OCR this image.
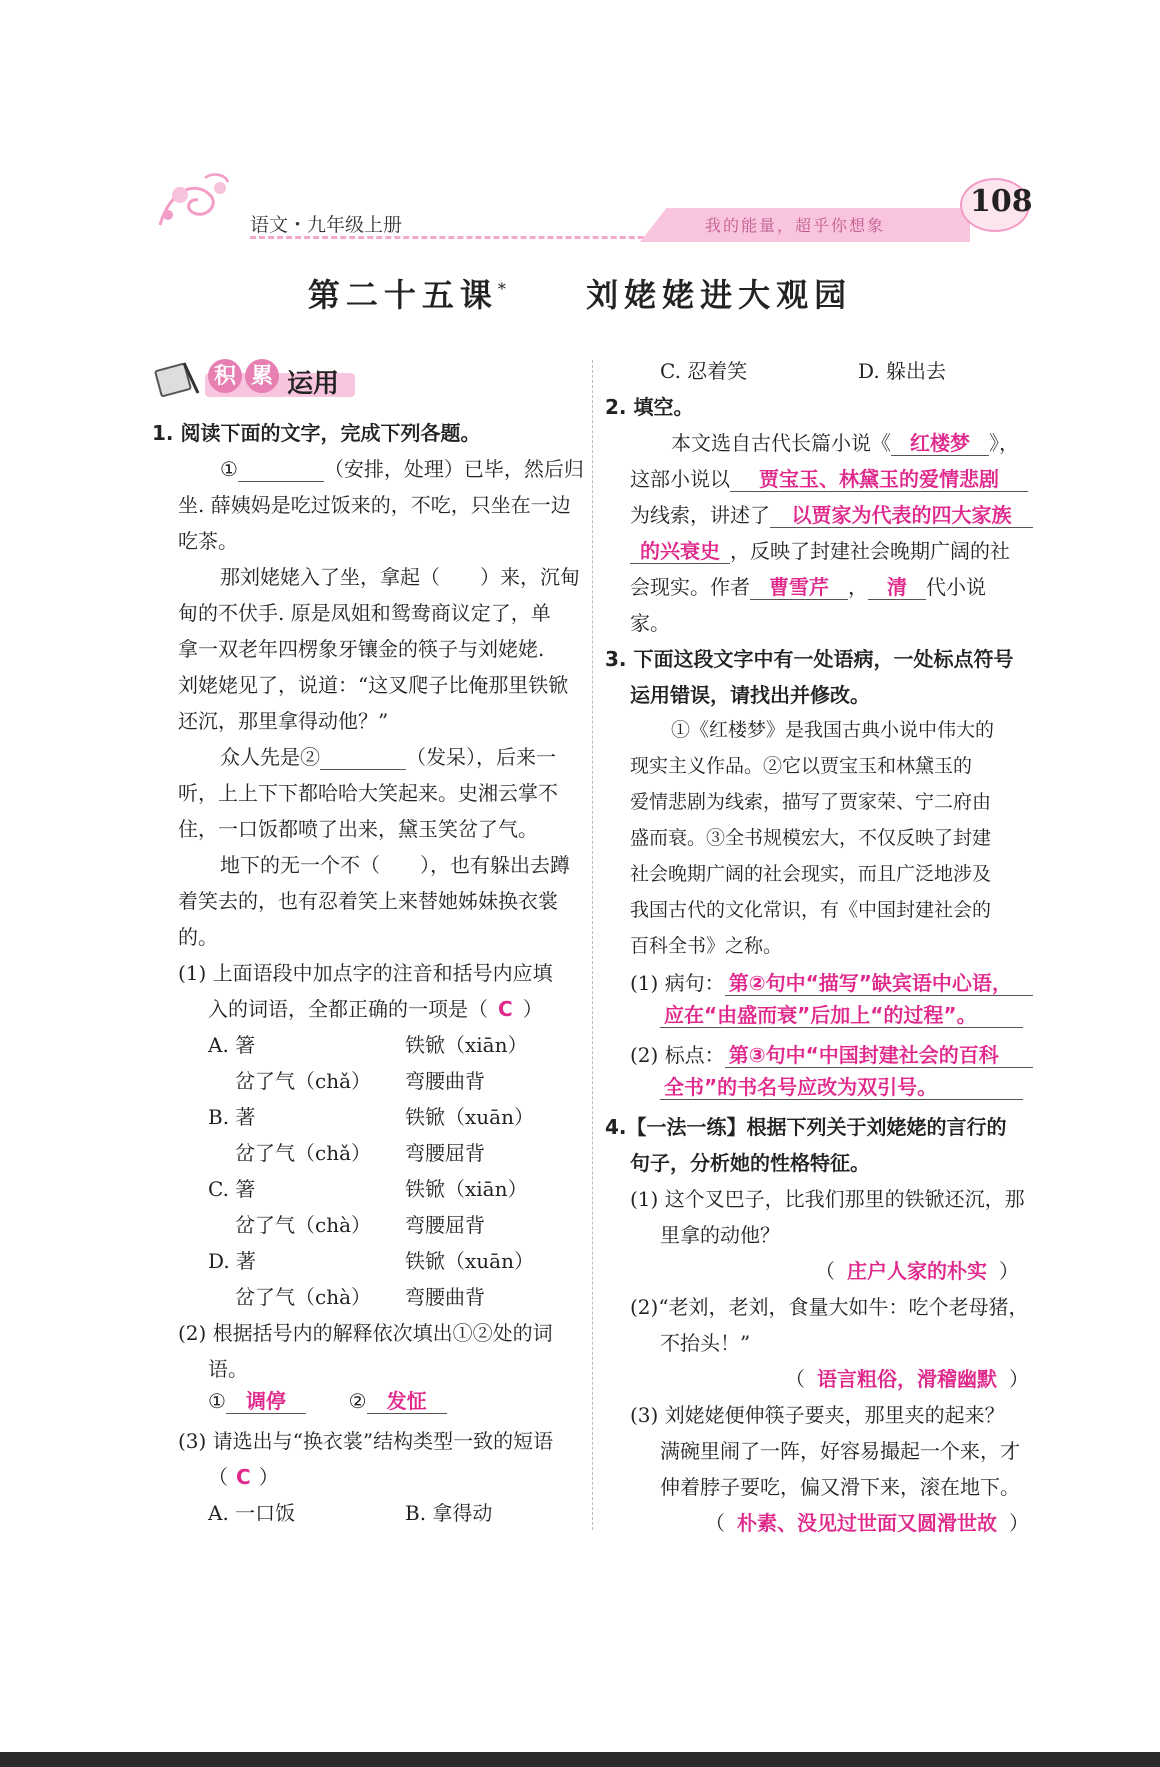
语文・九年级上册	我的能量，超乎你想象
108
第二十五课* 刘姥姥进大观园
积 累 运用
1. 阅读下面的文字，完成下列各题。
①	（安排，处理）已毕，然后归
坐. 薛姨妈是吃过饭来的，不吃，只坐在一边
吃茶。
那刘姥姥入了坐，拿起（　　）来，沉甸
甸的不伏手. 原是凤姐和鸳鸯商议定了，单
拿一双老年四楞象牙镶金的筷子与刘姥姥.
刘姥姥见了，说道：“这叉爬子比俺那里铁锨
还沉，那里拿得动他？”
众人先是②	（发呆），后来一
听，上上下下都哈哈大笑起来。史湘云掌不
住，一口饭都喷了出来，黛玉笑岔了气。
地下的无一个不（　　），也有躲出去蹲
着笑去的，也有忍着笑上来替她姊妹换衣裳
的。
(1) 上面语段中加点字的注音和括号内应填
入的词语，全都正确的一项是（ C ）
A. 箸	铁锨（xiān）
岔了气（chǎ） 弯腰曲背
B. 著	铁锨（xuān）
岔了气（chǎ） 弯腰屈背
C. 箸	铁锨（xiān）
岔了气（chà） 弯腰屈背
D. 著	铁锨（xuān）
岔了气（chà） 弯腰曲背
(2) 根据括号内的解释依次填出①②处的词
语。
① 调停	② 发怔
(3) 请选出与“换衣裳”结构类型一致的短语
（ C ）
A. 一口饭	B. 拿得动
C. 忍着笑	D. 躲出去
2. 填空。
本文选自古代长篇小说《 红楼梦 》，
这部小说以 贾宝玉、林黛玉的爱情悲剧
为线索，讲述了 以贾家为代表的四大家族
的兴衰史 ，反映了封建社会晚期广阔的社
会现实。作者 曹雪芹 ， 清 代小说
家。
3. 下面这段文字中有一处语病，一处标点符号
运用错误，请找出并修改。
①《红楼梦》是我国古典小说中伟大的
现实主义作品。②它以贾宝玉和林黛玉的
爱情悲剧为线索，描写了贾家荣、宁二府由
盛而衰。③全书规模宏大，不仅反映了封建
社会晚期广阔的社会现实，而且广泛地涉及
我国古代的文化常识，有《中国封建社会的
百科全书》之称。
(1) 病句： 第②句中“描写”缺宾语中心语，
应在“由盛而衰”后加上“的过程”。
(2) 标点： 第③句中“中国封建社会的百科
全书”的书名号应改为双引号。
4.【一法一练】根据下列关于刘姥姥的言行的
句子，分析她的性格特征。
(1) 这个叉巴子，比我们那里的铁锨还沉，那
里拿的动他？
（ 庄户人家的朴实 ）
(2)“老刘，老刘，食量大如牛：吃个老母猪，
不抬头！”
（ 语言粗俗，滑稽幽默 ）
(3) 刘姥姥便伸筷子要夹，那里夹的起来？
满碗里闹了一阵，好容易撮起一个来，才
伸着脖子要吃，偏又滑下来，滚在地下。
（ 朴素、没见过世面又圆滑世故 ）
